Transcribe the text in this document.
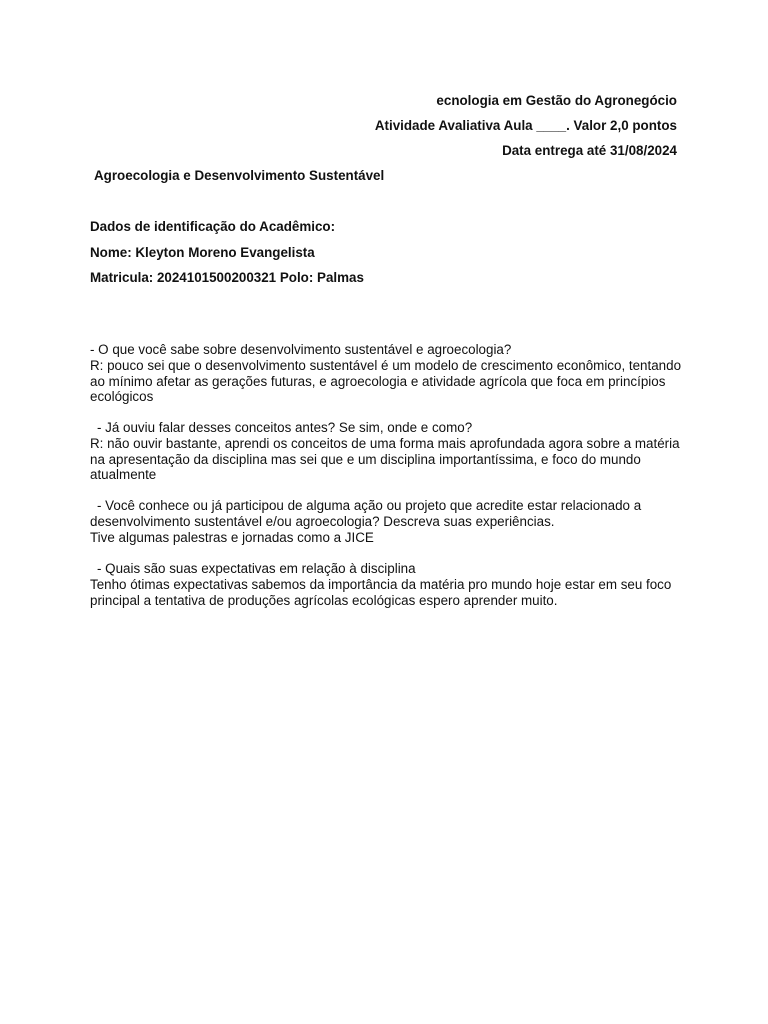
ecnologia em Gestão do Agronegócio
Atividade Avaliativa Aula ____. Valor 2,0 pontos
Data entrega até 31/08/2024
Agroecologia e Desenvolvimento Sustentável
Dados de identificação do Acadêmico:
Nome: Kleyton Moreno Evangelista
Matricula: 2024101500200321 Polo: Palmas

- O que você sabe sobre desenvolvimento sustentável e agroecologia?

R: pouco sei que o desenvolvimento sustentável é um modelo de crescimento econômico, tentando ao mínimo afetar as gerações futuras, e agroecologia e atividade agrícola que foca em princípios ecológicos

- Já ouviu falar desses conceitos antes? Se sim, onde e como?

R: não ouvir bastante, aprendi os conceitos de uma forma mais aprofundada agora sobre a matéria na apresentação da disciplina mas sei que e um disciplina importantíssima, e foco do mundo atualmente

- Você conhece ou já participou de alguma ação ou projeto que acredite estar relacionado a desenvolvimento sustentável e/ou agroecologia? Descreva suas experiências.

Tive algumas palestras e jornadas como a JICE

- Quais são suas expectativas em relação à disciplina

Tenho ótimas expectativas sabemos da importância da matéria pro mundo hoje estar em seu foco principal a tentativa de produções agrícolas ecológicas espero aprender muito.
